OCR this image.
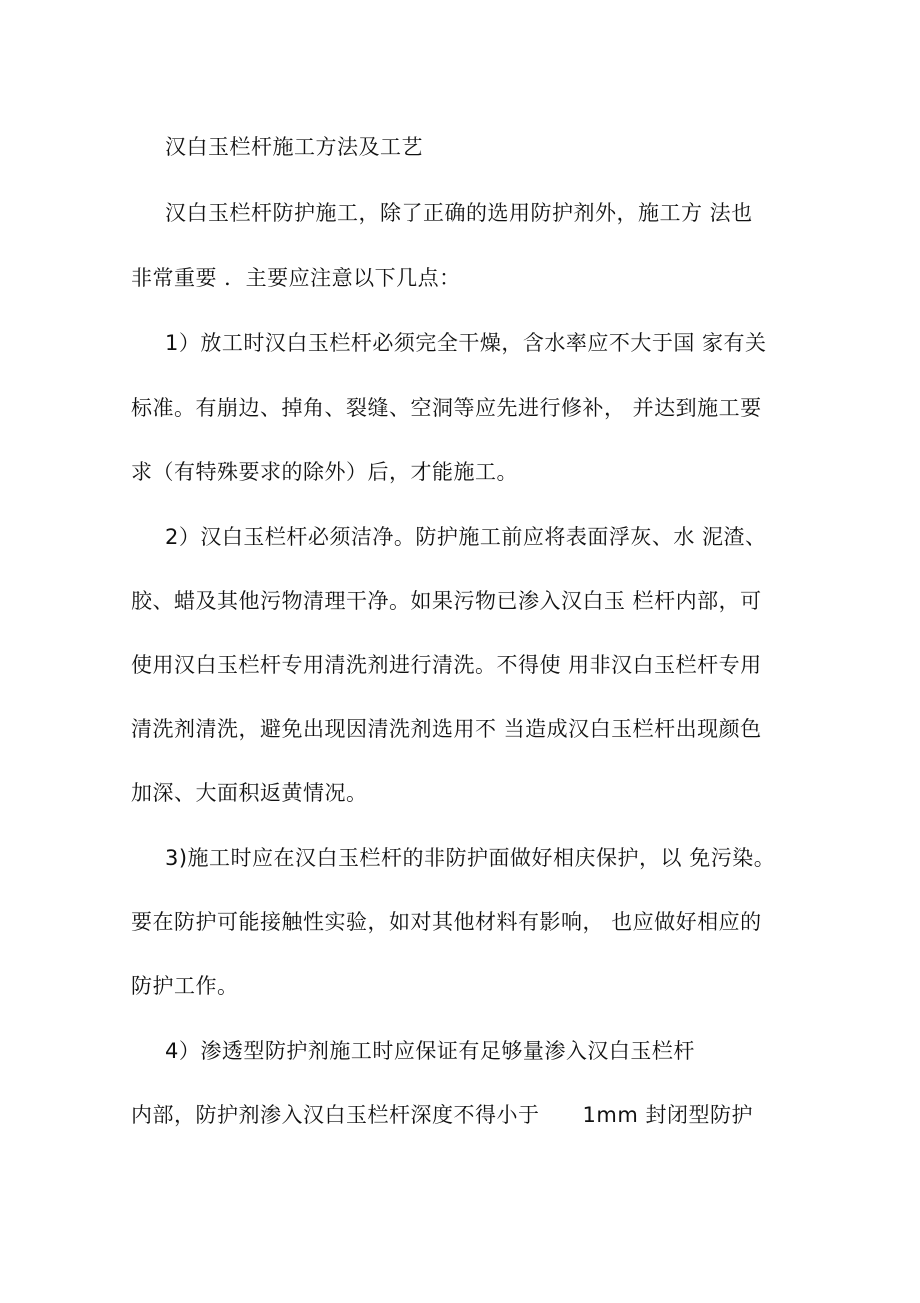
汉白玉栏杆施工方法及工艺
汉白玉栏杆防护施工，除了正确的选用防护剂外，施工方 法也
非常重要 ．主要应注意以下几点：
1）放工时汉白玉栏杆必须完全干燥，含水率应不大于国 家有关
标准。有崩边、掉角、裂缝、空洞等应先进行修补， 并达到施工要
求（有特殊要求的除外）后，才能施工。
2）汉白玉栏杆必须洁净。防护施工前应将表面浮灰、水 泥渣、
胶、蜡及其他污物清理干净。如果污物已渗入汉白玉 栏杆内部，可
使用汉白玉栏杆专用清洗剂进行清洗。不得使 用非汉白玉栏杆专用
清洗剂清洗，避免出现因清洗剂选用不 当造成汉白玉栏杆出现颜色
加深、大面积返黄情况。
3)施工时应在汉白玉栏杆的非防护面做好相庆保护，以 免污染。
要在防护可能接触性实验，如对其他材料有影响， 也应做好相应的
防护工作。
4）渗透型防护剂施工时应保证有足够量渗入汉白玉栏杆
内部，防护剂渗入汉白玉栏杆深度不得小于　　1mm 封闭型防护
